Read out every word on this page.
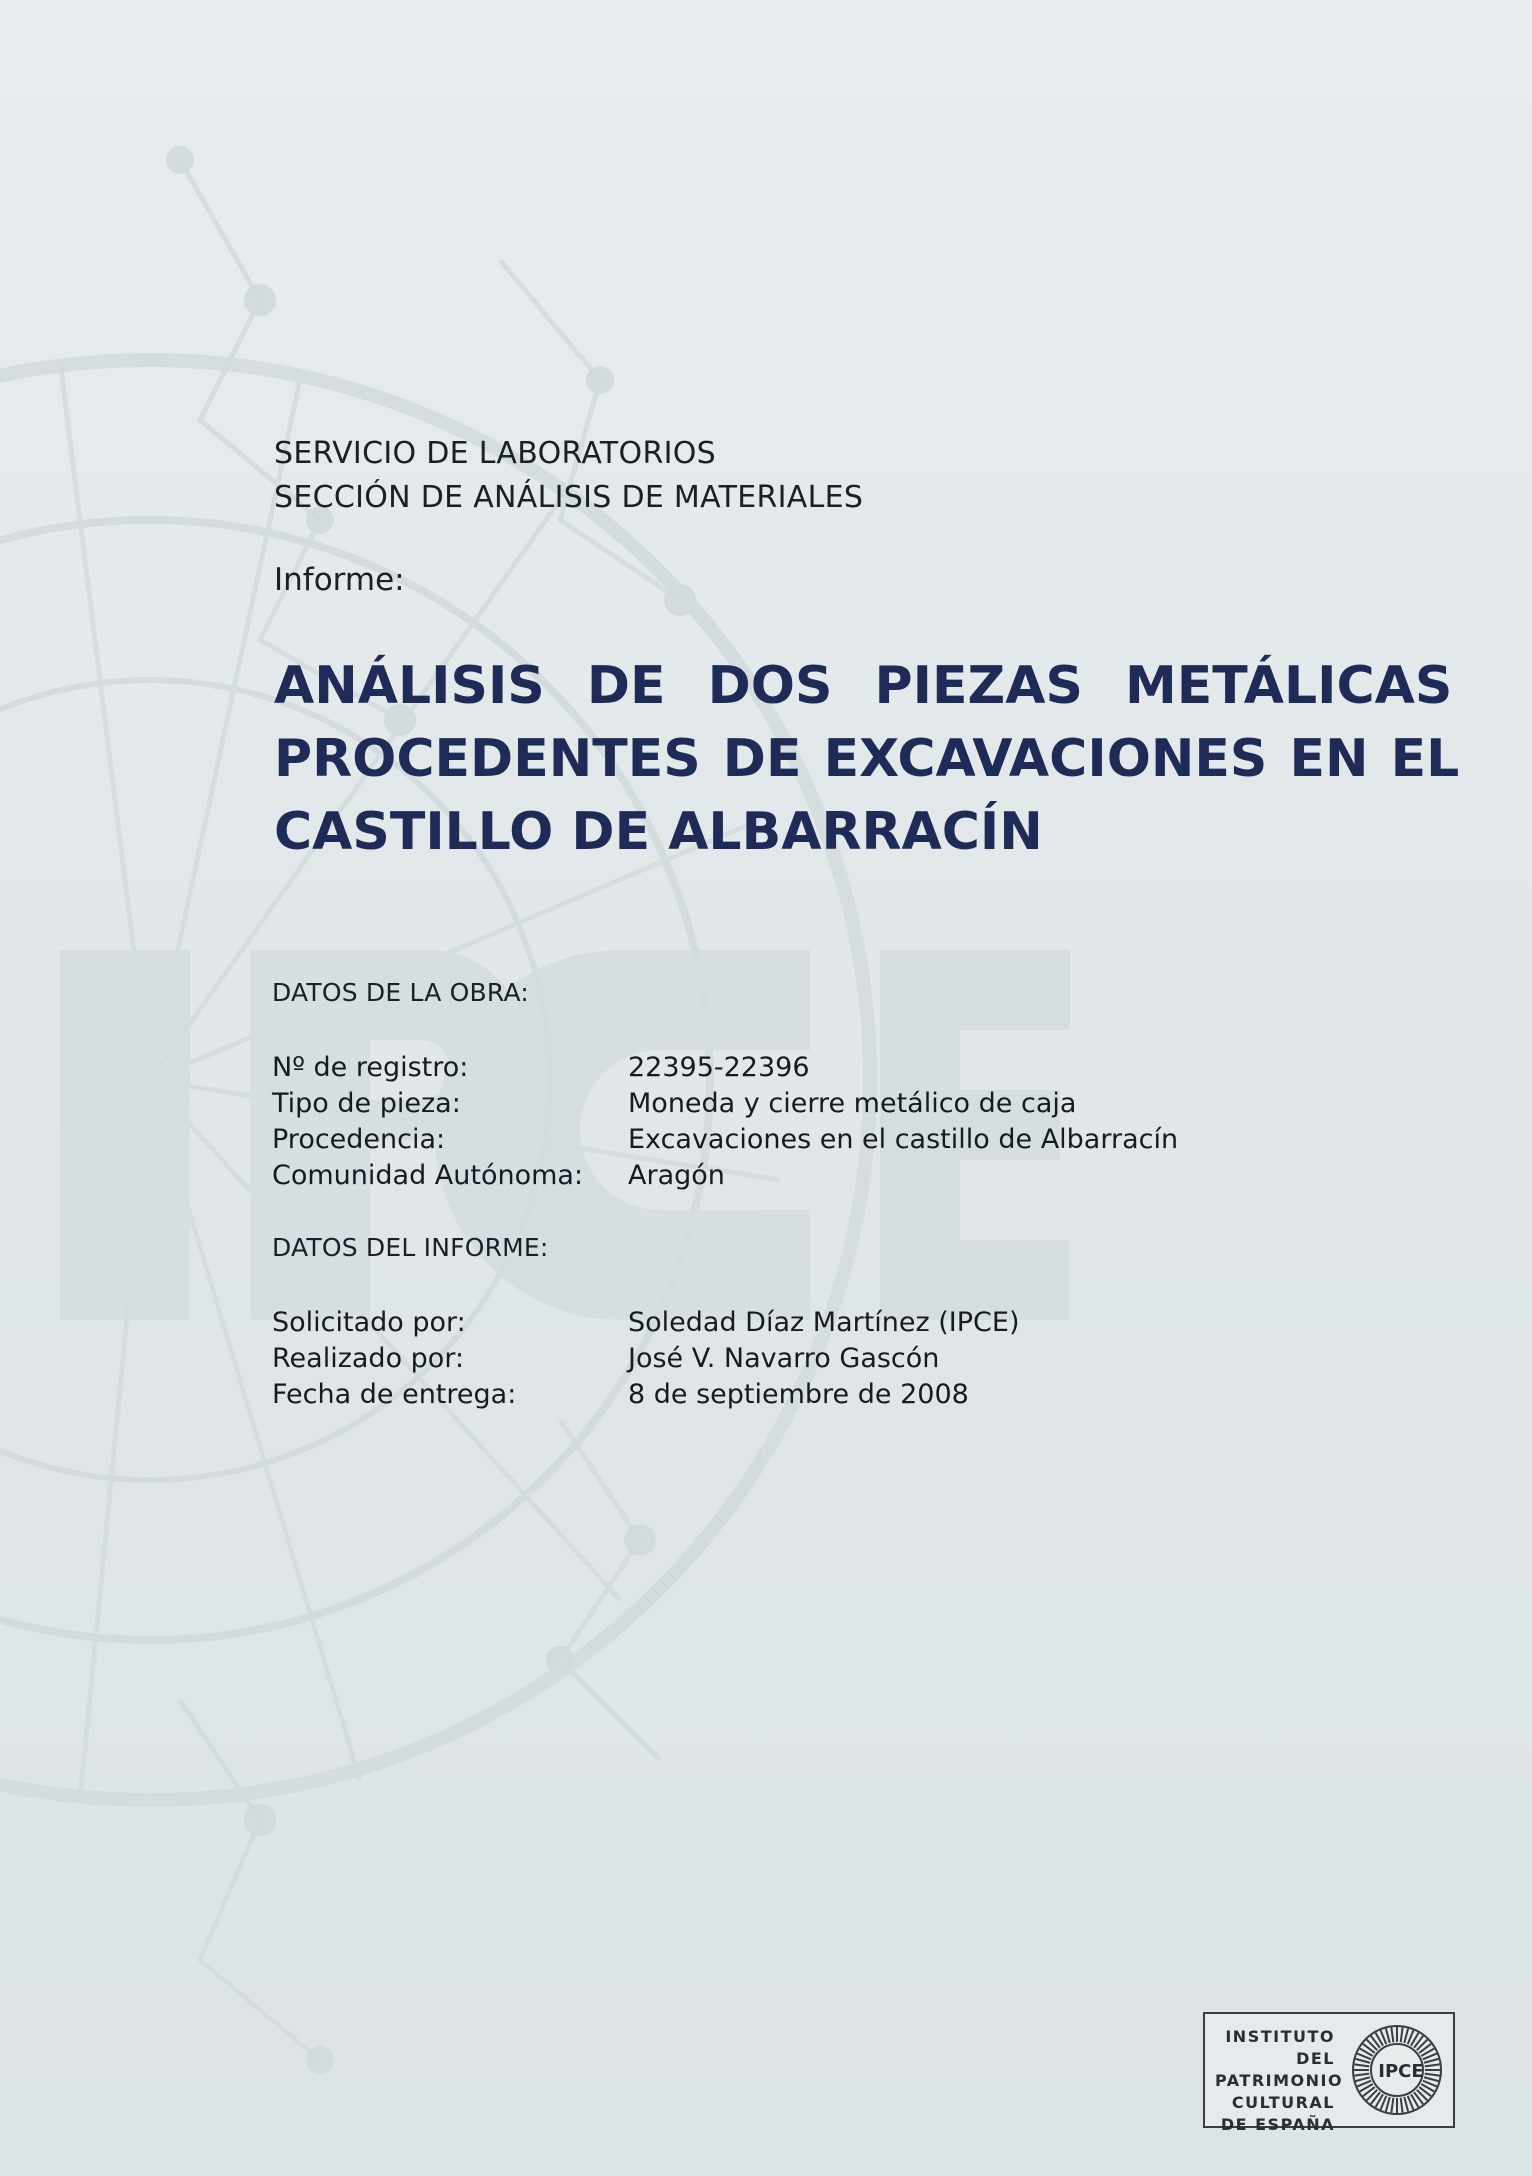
SERVICIO DE LABORATORIOS
SECCIÓN DE ANÁLISIS DE MATERIALES
Informe:
ANÁLISIS DE DOS PIEZAS METÁLICAS
PROCEDENTES DE EXCAVACIONES EN EL
CASTILLO DE ALBARRACÍN
DATOS DE LA OBRA:
Nº de registro:	22395-22396
Tipo de pieza:	Moneda y cierre metálico de caja
Procedencia:	Excavaciones en el castillo de Albarracín
Comunidad Autónoma: Aragón
DATOS DEL INFORME:
Solicitado por:	Soledad Díaz Martínez (IPCE)
Realizado por:	José V. Navarro Gascón
Fecha de entrega:	8 de septiembre de 2008
INSTITUTO DEL
PATRIMONIO
CULTURAL
DE ESPAÑA
IPCE
